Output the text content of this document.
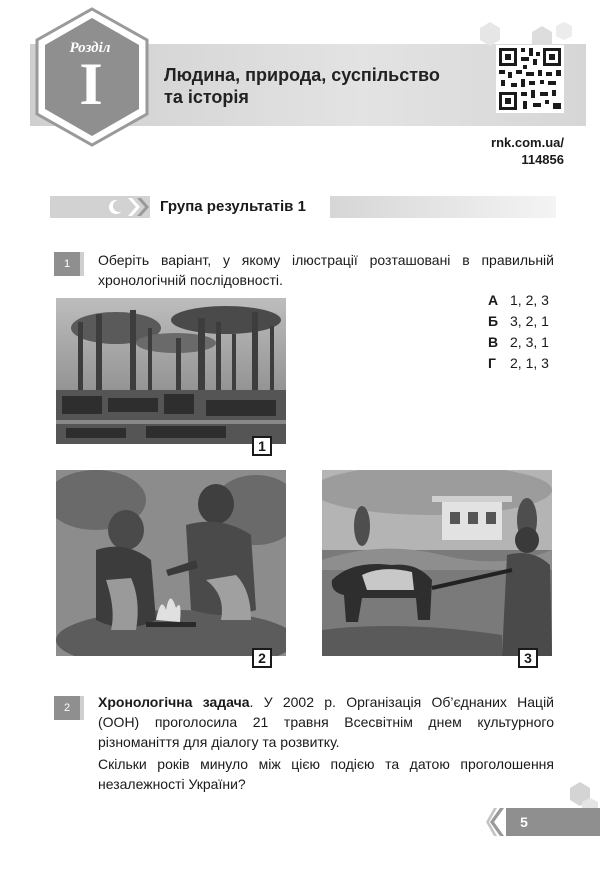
Розділ
I	Людина, природа, суспільство
та історія
rnk.com.ua/
114856
Група результатів 1
1	Оберіть варіант, у якому ілюстрації розташовані в правильній хронологічній послідовності.
А 1, 2, 3
Б 3, 2, 1
В 2, 3, 1
Г 2, 1, 3
1
2	3
2	Хронологічна задача. У 2002 р. Організація Об’єднаних Націй (ООН) проголосила 21 травня Всесвітнім днем культурного різноманіття для діалогу та розвитку.
Скільки років минуло між цією подією та датою проголошення незалежності України?
5
